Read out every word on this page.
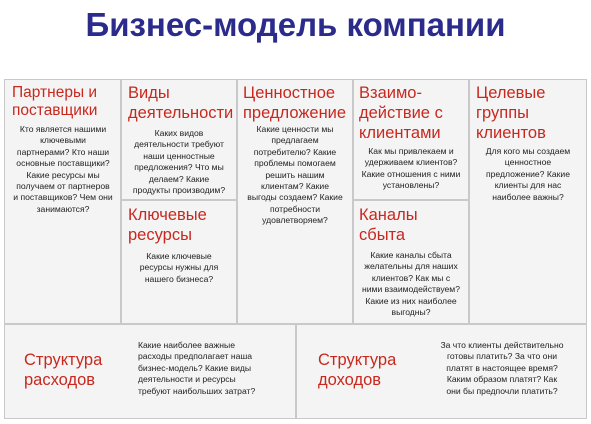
Бизнес-модель компании
Партнеры и
поставщики
Кто является нашими
ключевыми
партнерами? Кто наши
основные поставщики?
Какие ресурсы мы
получаем от партнеров
и поставщиков? Чем они
занимаются?
Виды
деятельности
Каких видов
деятельности требуют
наши ценностные
предложения? Что мы
делаем? Какие
продукты производим?
Ключевые
ресурсы
Какие ключевые
ресурсы нужны для
нашего бизнеса?
Ценностное
предложение
Какие ценности мы
предлагаем
потребителю? Какие
проблемы помогаем
решить нашим
клиентам? Какие
выгоды создаем? Какие
потребности
удовлетворяем?
Взаимо-
действие с
клиентами
Как мы привлекаем и
удерживаем клиентов?
Какие отношения с ними
установлены?
Каналы
сбыта
Какие каналы сбыта
желательны для наших
клиентов? Как мы с
ними взаимодействуем?
Какие из них наиболее
выгодны?
Целевые
группы
клиентов
Для кого мы создаем
ценностное
предложение? Какие
клиенты для нас
наиболее важны?
Структура
расходов
Какие наиболее важные
расходы предполагает наша
бизнес-модель? Какие виды
деятельности и ресурсы
требуют наибольших затрат?
Структура
доходов
За что клиенты действительно
готовы платить? За что они
платят в настоящее время?
Каким образом платят? Как
они бы предпочли платить?
